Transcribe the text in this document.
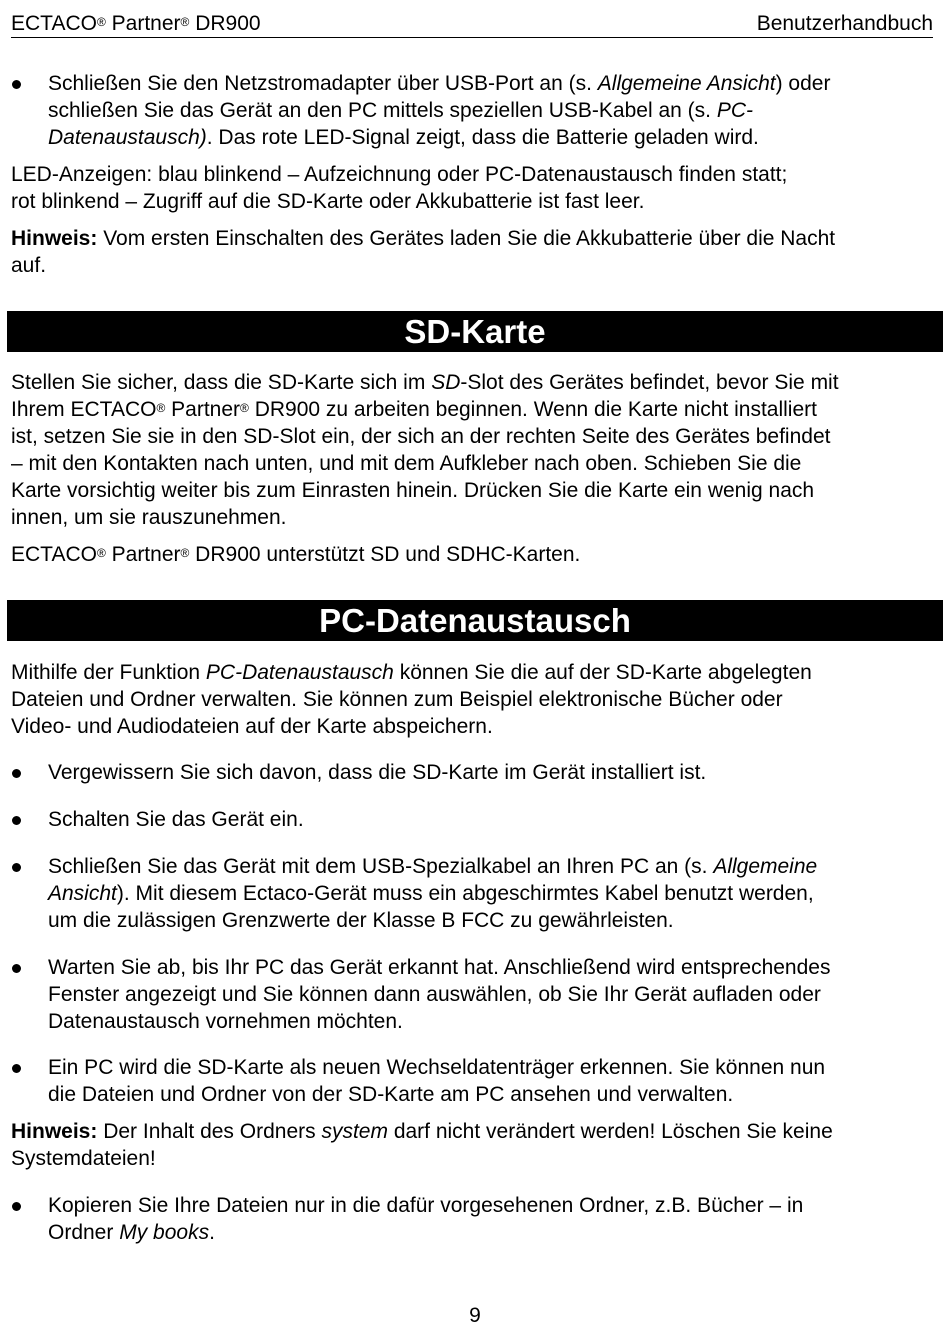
ECTACO® Partner® DR900	Benutzerhandbuch

Schließen Sie den Netzstromadapter über USB-Port an (s. Allgemeine Ansicht) oder

schließen Sie das Gerät an den PC mittels speziellen USB-Kabel an (s. PC-

Datenaustausch). Das rote LED-Signal zeigt, dass die Batterie geladen wird.

LED-Anzeigen: blau blinkend – Aufzeichnung oder PC-Datenaustausch finden statt;

rot blinkend – Zugriff auf die SD-Karte oder Akkubatterie ist fast leer.

Hinweis: Vom ersten Einschalten des Gerätes laden Sie die Akkubatterie über die Nacht

auf.

SD-Karte

Stellen Sie sicher, dass die SD-Karte sich im SD-Slot des Gerätes befindet, bevor Sie mit

Ihrem ECTACO® Partner® DR900 zu arbeiten beginnen. Wenn die Karte nicht installiert

ist, setzen Sie sie in den SD-Slot ein, der sich an der rechten Seite des Gerätes befindet

– mit den Kontakten nach unten, und mit dem Aufkleber nach oben. Schieben Sie die

Karte vorsichtig weiter bis zum Einrasten hinein. Drücken Sie die Karte ein wenig nach

innen, um sie rauszunehmen.

ECTACO® Partner® DR900 unterstützt SD und SDHC-Karten.

PC-Datenaustausch

Mithilfe der Funktion PC-Datenaustausch können Sie die auf der SD-Karte abgelegten

Dateien und Ordner verwalten. Sie können zum Beispiel elektronische Bücher oder

Video- und Audiodateien auf der Karte abspeichern.

Vergewissern Sie sich davon, dass die SD-Karte im Gerät installiert ist.

Schalten Sie das Gerät ein.

Schließen Sie das Gerät mit dem USB-Spezialkabel an Ihren PC an (s. Allgemeine

Ansicht). Mit diesem Ectaco-Gerät muss ein abgeschirmtes Kabel benutzt werden,

um die zulässigen Grenzwerte der Klasse B FCC zu gewährleisten.

Warten Sie ab, bis Ihr PC das Gerät erkannt hat. Anschließend wird entsprechendes

Fenster angezeigt und Sie können dann auswählen, ob Sie Ihr Gerät aufladen oder

Datenaustausch vornehmen möchten.

Ein PC wird die SD-Karte als neuen Wechseldatenträger erkennen. Sie können nun

die Dateien und Ordner von der SD-Karte am PC ansehen und verwalten.

Hinweis: Der Inhalt des Ordners system darf nicht verändert werden! Löschen Sie keine

Systemdateien!

Kopieren Sie Ihre Dateien nur in die dafür vorgesehenen Ordner, z.B. Bücher – in

Ordner My books.

9
